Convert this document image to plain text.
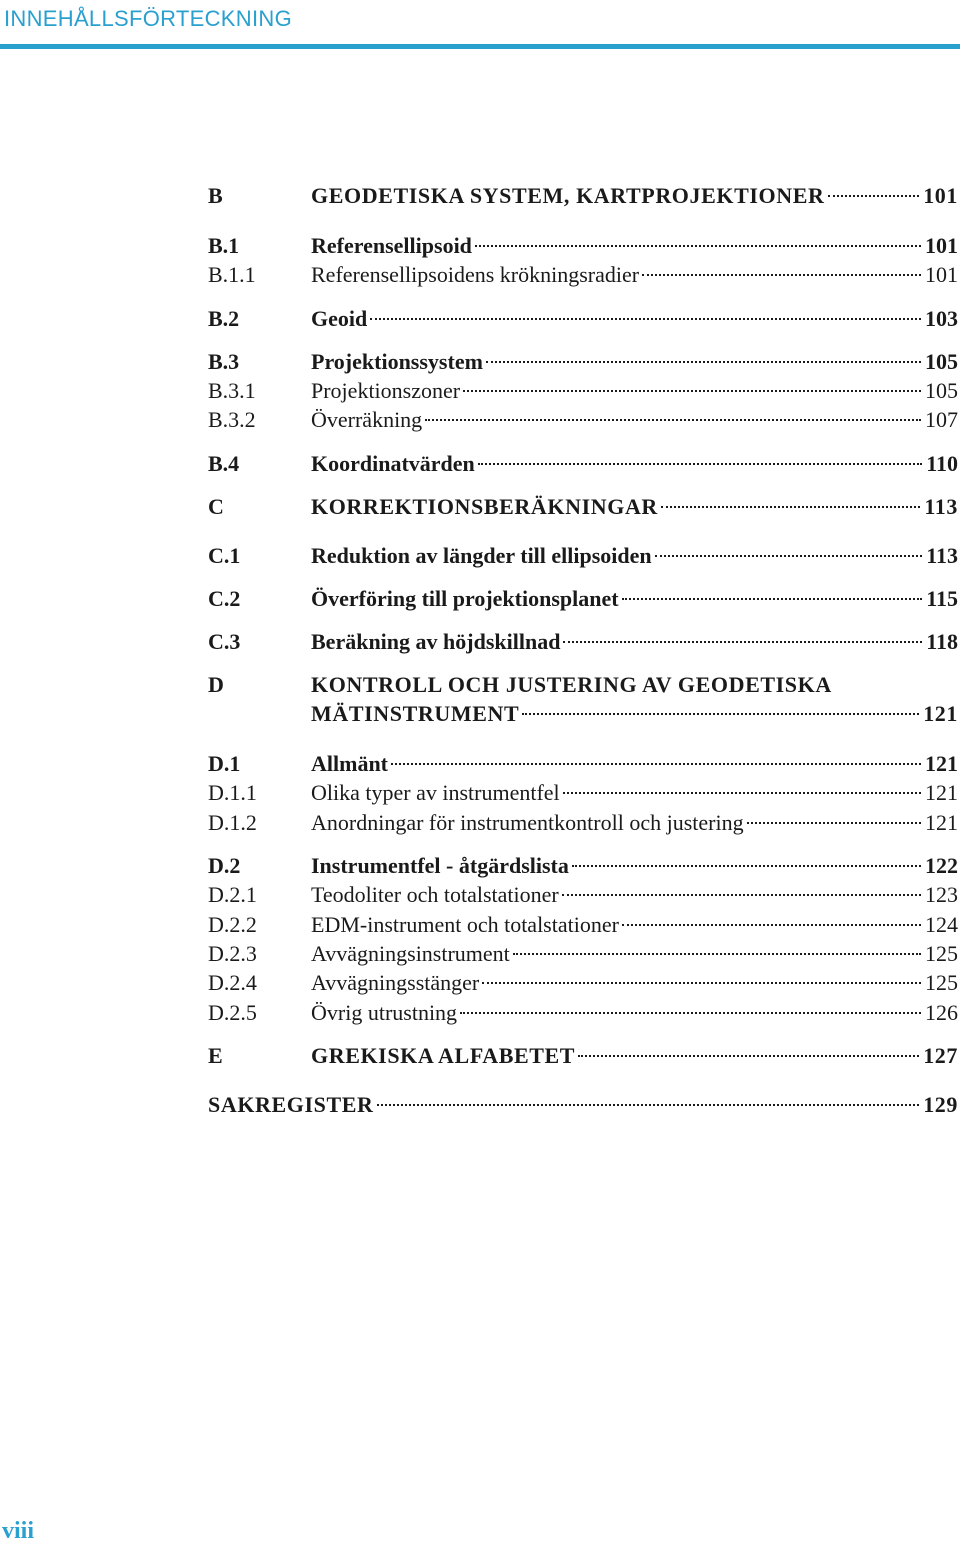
INNEHÅLLSFÖRTECKNING
B	GEODETISKA SYSTEM, KARTPROJEKTIONER	101
B.1	Referensellipsoid	101
B.1.1	Referensellipsoidens krökningsradier	101
B.2	Geoid	103
B.3	Projektionssystem	105
B.3.1	Projektionszoner	105
B.3.2	Överräkning	107
B.4	Koordinatvärden	110
C	KORREKTIONSBERÄKNINGAR	113
C.1	Reduktion av längder till ellipsoiden	113
C.2	Överföring till projektionsplanet	115
C.3	Beräkning av höjdskillnad	118
D	KONTROLL OCH JUSTERING AV GEODETISKA
MÄTINSTRUMENT	121
D.1	Allmänt	121
D.1.1 Olika typer av instrumentfel	121
D.1.2 Anordningar för instrumentkontroll och justering	121
D.2	Instrumentfel - åtgärdslista	122
D.2.1 Teodoliter och totalstationer	123
D.2.2 EDM-instrument och totalstationer	124
D.2.3 Avvägningsinstrument	125
D.2.4 Avvägningsstänger	125
D.2.5 Övrig utrustning	126
E	GREKISKA ALFABETET	127
SAKREGISTER	129
viii
